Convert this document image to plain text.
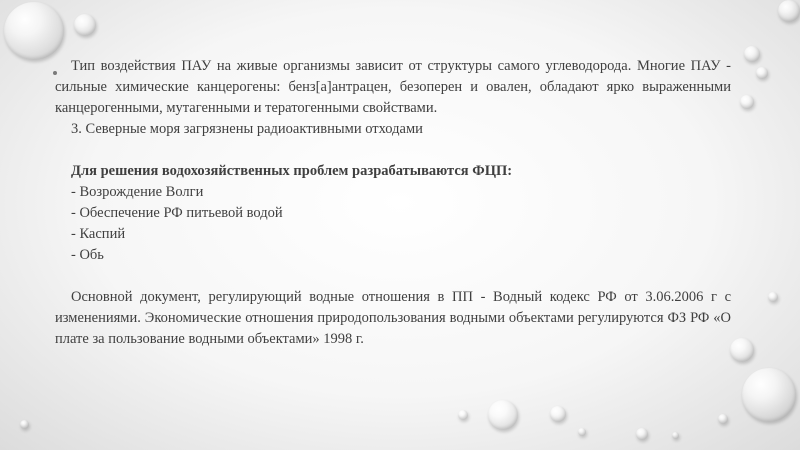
Тип воздействия ПАУ на живые организмы зависит от структуры самого углеводорода. Многие ПАУ - сильные химические канцерогены: бенз[а]антрацен, безоперен и овален, обладают ярко выраженными канцерогенными, мутагенными и тератогенными свойствами.

3. Северные моря загрязнены радиоактивными отходами

Для решения водохозяйственных проблем разрабатываются ФЦП:

- Возрождение Волги

- Обеспечение РФ питьевой водой

- Каспий

- Обь

Основной документ, регулирующий водные отношения в ПП - Водный кодекс РФ от 3.06.2006 г с изменениями. Экономические отношения природопользования водными объектами регулируются ФЗ РФ «О плате за пользование водными объектами» 1998 г.
